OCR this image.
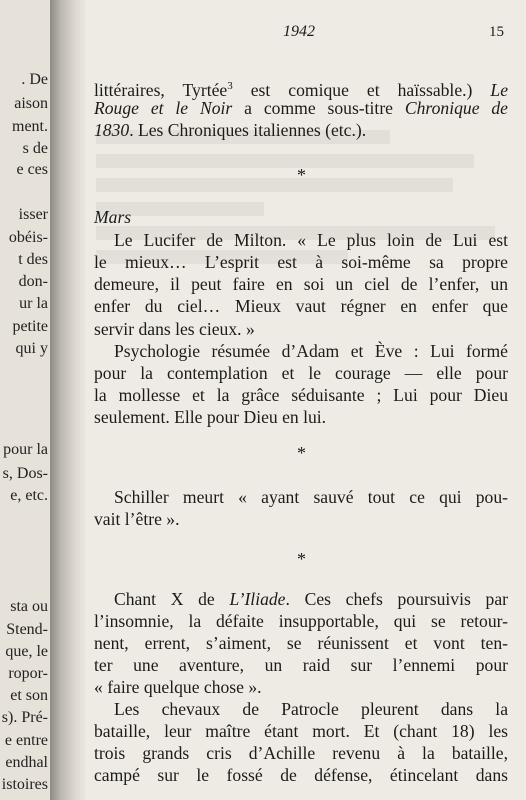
. De
aison
ment.
s de
e ces
isser
obéis-
t des
don-
ur la
petite
qui y
pour la
s, Dos-
e, etc.
sta ou
Stend-
que, le
ropor-
et son
s). Pré-
e entre
endhal
istoires
1942	15
littéraires, Tyrtée$^3$ est comique et haïssable.) Le
Rouge et le Noir a comme sous-titre Chronique de
1830. Les Chroniques italiennes (etc.).
*
Mars
Le Lucifer de Milton. « Le plus loin de Lui est
le mieux… L’esprit est à soi-même sa propre
demeure, il peut faire en soi un ciel de l’enfer, un
enfer du ciel… Mieux vaut régner en enfer que
servir dans les cieux. »
Psychologie résumée d’Adam et Ève : Lui formé
pour la contemplation et le courage — elle pour
la mollesse et la grâce séduisante ; Lui pour Dieu
seulement. Elle pour Dieu en lui.
*
Schiller meurt « ayant sauvé tout ce qui pou-
vait l’être ».
*
Chant X de L’Iliade. Ces chefs poursuivis par
l’insomnie, la défaite insupportable, qui se retour-
nent, errent, s’aiment, se réunissent et vont ten-
ter une aventure, un raid sur l’ennemi pour
« faire quelque chose ».
Les chevaux de Patrocle pleurent dans la
bataille, leur maître étant mort. Et (chant 18) les
trois grands cris d’Achille revenu à la bataille,
campé sur le fossé de défense, étincelant dans
